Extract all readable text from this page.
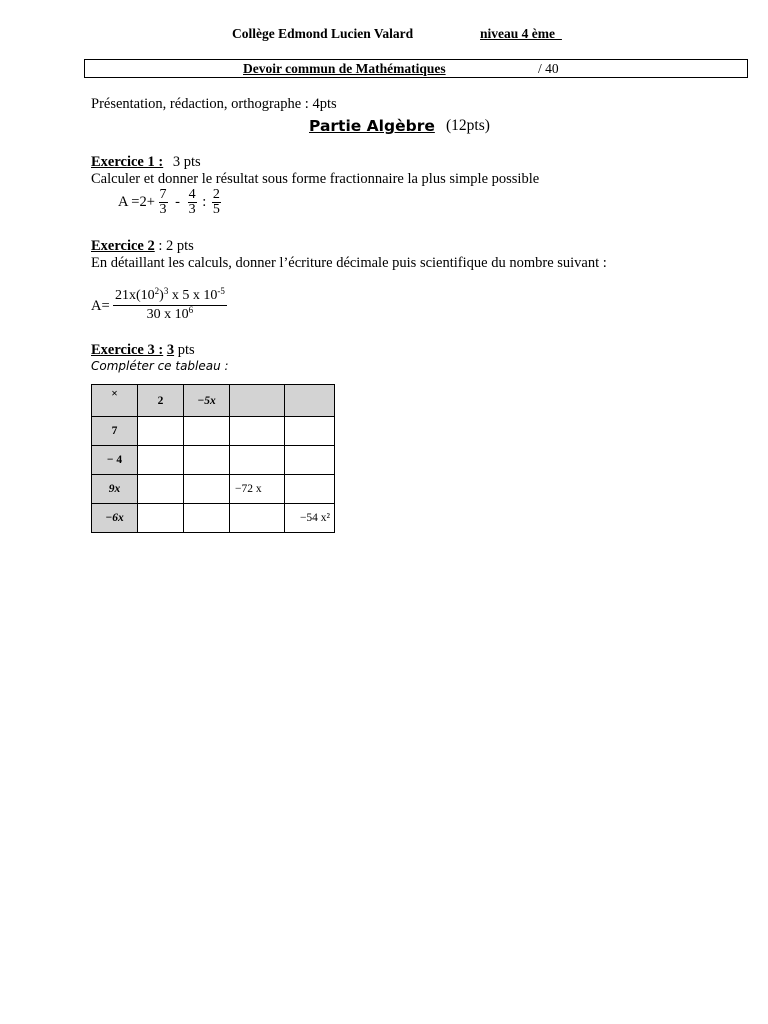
Collège Edmond Lucien Valard	niveau 4 ème_
Devoir commun de Mathématiques	/ 40
Présentation, rédaction, orthographe : 4pts
Partie Algèbre (12pts)
Exercice 1 : 3 pts
Calculer et donner le résultat sous forme fractionnaire la plus simple possible
$A =2+ \frac{7}{3} - \frac{4}{3}$ : $\frac{2}{5}$
Exercice 2 : 2 pts
En détaillant les calculs, donner l’écriture décimale puis scientifique du nombre suivant :
$A= \frac{21x(10^2)^3 x 5 x 10^{-5}}{30 x 10^6}$
Exercice 3 : 3 pts
Compléter ce tableau :
×	2	−5x		
7				
− 4				
9x			−72 x	
−6x				−54 x²
